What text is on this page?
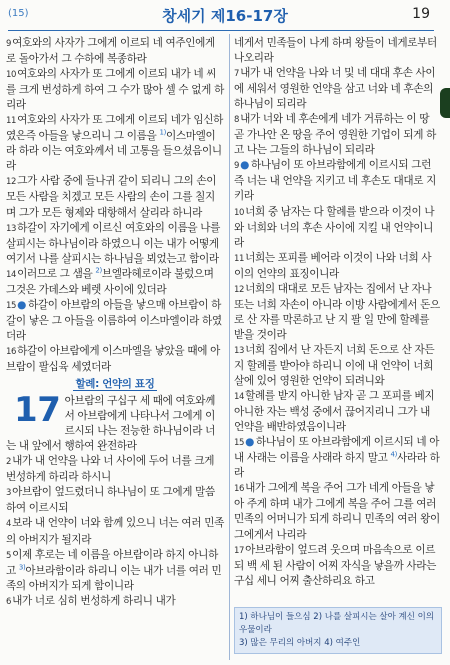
(15)	창세기 제16-17장	19
9여호와의 사자가 그에게 이르되 네 여주인에게로 돌아가서 그 수하에 복종하라
10여호와의 사자가 또 그에게 이르되 내가 네 씨를 크게 번성하게 하여 그 수가 많아 셀 수 없게 하리라
11여호와의 사자가 또 그에게 이르되 네가 임신하였은즉 아들을 낳으리니 그 이름을 $^{1)}$이스마엘이라 하라 이는 여호와께서 네 고통을 들으셨음이니라
12그가 사람 중에 들나귀 같이 되리니 그의 손이 모든 사람을 치겠고 모든 사람의 손이 그를 칠지며 그가 모든 형제와 대항해서 살리라 하니라
13하갈이 자기에게 이르신 여호와의 이름을 나를 살피시는 하나님이라 하였으니 이는 내가 어떻게 여기서 나를 살피시는 하나님을 뵈었는고 함이라
14이러므로 그 샘을 $^{2)}$브엘라헤로이라 불렀으며 그것은 가데스와 베렛 사이에 있더라
15● 하갈이 아브람의 아들을 낳으매 아브람이 하갈이 낳은 그 아들을 이름하여 이스마엘이라 하였더라
16하갈이 아브람에게 이스마엘을 낳았을 때에 아브람이 팔십육 세였더라
할례: 언약의 표징
17 아브람의 구십구 세 때에 여호와께서 아브람에게 나타나서 그에게 이르시되 나는 전능한 하나님이라 너는 내 앞에서 행하여 완전하라
2내가 내 언약을 나와 너 사이에 두어 너를 크게 번성하게 하리라 하시니
3아브람이 엎드렸더니 하나님이 또 그에게 말씀하여 이르시되
4보라 내 언약이 너와 함께 있으니 너는 여러 민족의 아버지가 될지라
5이제 후로는 네 이름을 아브람이라 하지 아니하고 $^{3)}$아브라함이라 하리니 이는 내가 너를 여러 민족의 아버지가 되게 함이니라
6내가 너로 심히 번성하게 하리니 내가
네게서 민족들이 나게 하며 왕들이 네게로부터 나오리라
7내가 내 언약을 나와 너 및 네 대대 후손 사이에 세워서 영원한 언약을 삼고 너와 네 후손의 하나님이 되리라
8내가 너와 네 후손에게 네가 거류하는 이 땅 곧 가나안 온 땅을 주어 영원한 기업이 되게 하고 나는 그들의 하나님이 되리라
9● 하나님이 또 아브라함에게 이르시되 그런즉 너는 내 언약을 지키고 네 후손도 대대로 지키라
10너희 중 남자는 다 할례를 받으라 이것이 나와 너희와 너의 후손 사이에 지킬 내 언약이니라
11너희는 포피를 베어라 이것이 나와 너희 사이의 언약의 표징이니라
12너희의 대대로 모든 남자는 집에서 난 자나 또는 너희 자손이 아니라 이방 사람에게서 돈으로 산 자를 막론하고 난 지 팔 일 만에 할례를 받을 것이라
13너희 집에서 난 자든지 너희 돈으로 산 자든지 할례를 받아야 하리니 이에 내 언약이 너희 살에 있어 영원한 언약이 되려니와
14할례를 받지 아니한 남자 곧 그 포피를 베지 아니한 자는 백성 중에서 끊어지리니 그가 내 언약을 배반하였음이니라
15● 하나님이 또 아브라함에게 이르시되 네 아내 사래는 이름을 사래라 하지 말고 $^{4)}$사라라 하라
16내가 그에게 복을 주어 그가 네게 아들을 낳아 주게 하며 내가 그에게 복을 주어 그를 여러 민족의 어머니가 되게 하리니 민족의 여러 왕이 그에게서 나리라
17아브라함이 엎드려 웃으며 마음속으로 이르되 백 세 된 사람이 어찌 자식을 낳을까 사라는 구십 세니 어찌 출산하리요 하고
1) 하나님이 들으심 2) 나를 살피시는 살아 계신 이의 우물이라
3) 많은 무리의 아버지 4) 여주인
